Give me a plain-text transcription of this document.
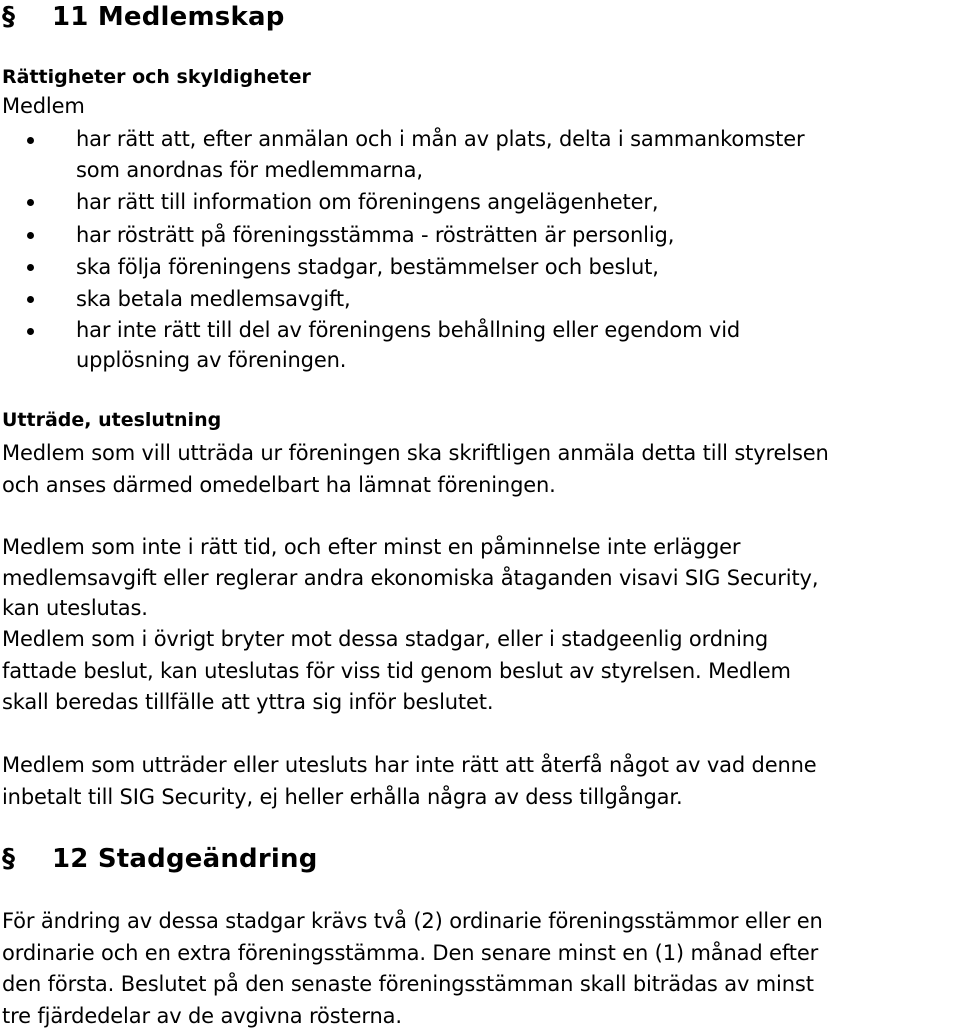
§ 11 Medlemskap
Rättigheter och skyldigheter

Medlem

har rätt att, efter anmälan och i mån av plats, delta i sammankomster

som anordnas för medlemmarna,

har rätt till information om föreningens angelägenheter,

har rösträtt på föreningsstämma - rösträtten är personlig,

ska följa föreningens stadgar, bestämmelser och beslut,

ska betala medlemsavgift,

har inte rätt till del av föreningens behållning eller egendom vid

upplösning av föreningen.

Utträde, uteslutning

Medlem som vill utträda ur föreningen ska skriftligen anmäla detta till styrelsen

och anses därmed omedelbart ha lämnat föreningen.

Medlem som inte i rätt tid, och efter minst en påminnelse inte erlägger

medlemsavgift eller reglerar andra ekonomiska åtaganden visavi SIG Security,

kan uteslutas.

Medlem som i övrigt bryter mot dessa stadgar, eller i stadgeenlig ordning

fattade beslut, kan uteslutas för viss tid genom beslut av styrelsen. Medlem

skall beredas tillfälle att yttra sig inför beslutet.

Medlem som utträder eller utesluts har inte rätt att återfå något av vad denne

inbetalt till SIG Security, ej heller erhålla några av dess tillgångar.

§ 12 Stadgeändring

För ändring av dessa stadgar krävs två (2) ordinarie föreningsstämmor eller en

ordinarie och en extra föreningsstämma. Den senare minst en (1) månad efter

den första. Beslutet på den senaste föreningsstämman skall biträdas av minst

tre fjärdedelar av de avgivna rösterna.
